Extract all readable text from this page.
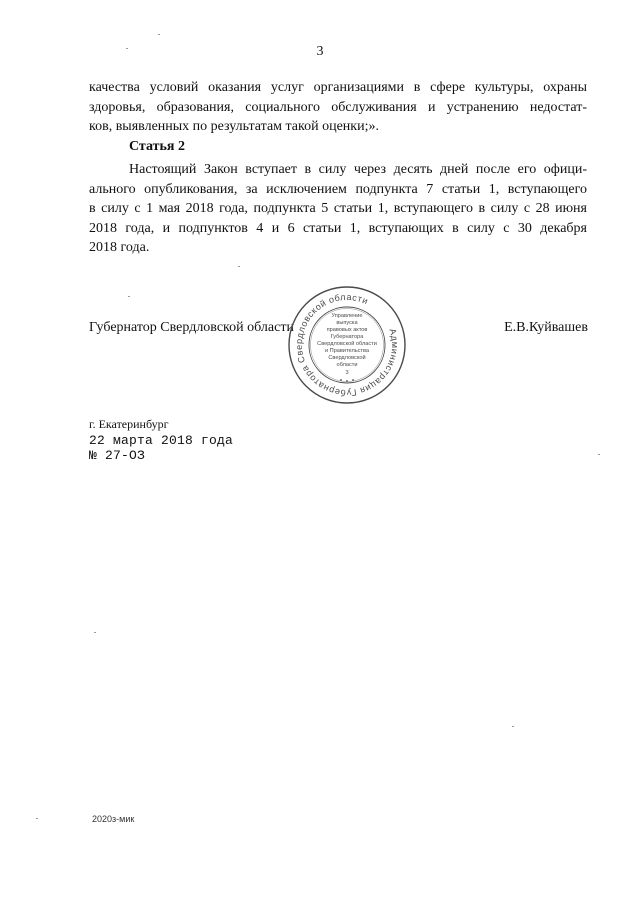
3
качества условий оказания услуг организациями в сфере культуры, охраны
здоровья, образования, социального обслуживания и устранению недостат-
ков, выявленных по результатам такой оценки;».
Статья 2
Настоящий Закон вступает в силу через десять дней после его офици-
ального опубликования, за исключением подпункта 7 статьи 1, вступающего
в силу с 1 мая 2018 года, подпункта 5 статьи 1, вступающего в силу с 28 июня
2018 года, и подпунктов 4 и 6 статьи 1, вступающих в силу с 30 декабря
2018 года.
Губернатор Свердловской области	Администрация Губернатора Свердловской области
Управление
выпуска
правовых актов
Губернатора
Свердловской области
и Правительства
Свердловской
области
3
Е.В.Куйвашев
г. Екатеринбург
22 марта 2018 года
№ 27-ОЗ
2020з-мик
